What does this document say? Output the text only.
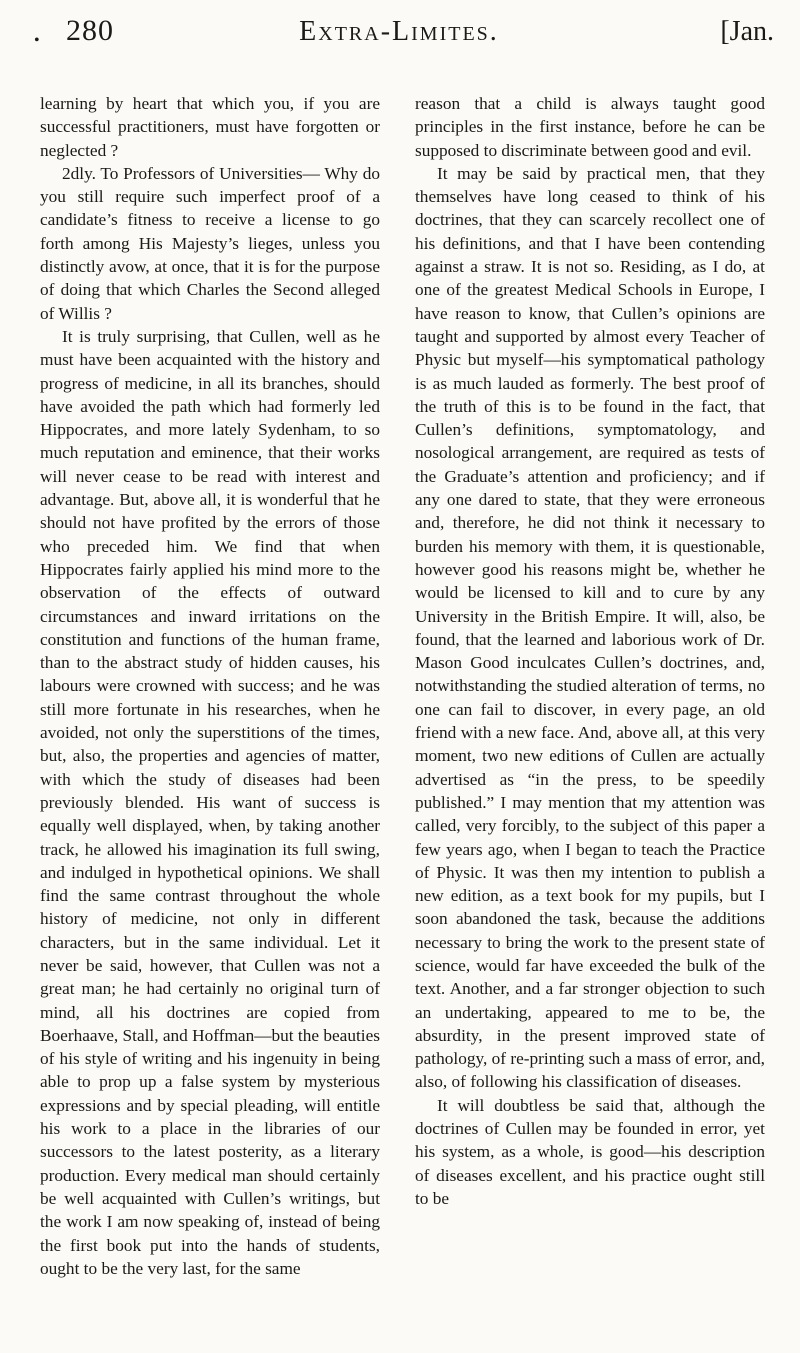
• 280	Extra-Limites.	[Jan.

learning by heart that which you, if you are successful practitioners, must have forgotten or neglected ?

2dly. To Professors of Universities— Why do you still require such imperfect proof of a candidate’s fitness to receive a license to go forth among His Majesty’s lieges, unless you distinctly avow, at once, that it is for the purpose of doing that which Charles the Second alleged of Willis ?

It is truly surprising, that Cullen, well as he must have been acquainted with the history and progress of medicine, in all its branches, should have avoided the path which had formerly led Hippocrates, and more lately Sydenham, to so much reputation and eminence, that their works will never cease to be read with interest and advantage. But, above all, it is wonderful that he should not have profited by the errors of those who preceded him. We find that when Hippocrates fairly applied his mind more to the observation of the effects of outward circumstances and inward irritations on the constitution and functions of the human frame, than to the abstract study of hidden causes, his labours were crowned with success; and he was still more fortunate in his researches, when he avoided, not only the superstitions of the times, but, also, the properties and agencies of matter, with which the study of diseases had been previously blended. His want of success is equally well displayed, when, by taking another track, he allowed his imagination its full swing, and indulged in hypothetical opinions. We shall find the same contrast throughout the whole history of medicine, not only in different characters, but in the same individual. Let it never be said, however, that Cullen was not a great man; he had certainly no original turn of mind, all his doctrines are copied from Boerhaave, Stall, and Hoffman—but the beauties of his style of writing and his ingenuity in being able to prop up a false system by mysterious expressions and by special pleading, will entitle his work to a place in the libraries of our successors to the latest posterity, as a literary production. Every medical man should certainly be well acquainted with Cullen’s writings, but the work I am now speaking of, instead of being the first book put into the hands of students, ought to be the very last, for the same

reason that a child is always taught good principles in the first instance, before he can be supposed to discriminate between good and evil.

It may be said by practical men, that they themselves have long ceased to think of his doctrines, that they can scarcely recollect one of his definitions, and that I have been contending against a straw. It is not so. Residing, as I do, at one of the greatest Medical Schools in Europe, I have reason to know, that Cullen’s opinions are taught and supported by almost every Teacher of Physic but myself—his symptomatical pathology is as much lauded as formerly. The best proof of the truth of this is to be found in the fact, that Cullen’s definitions, symptomatology, and nosological arrangement, are required as tests of the Graduate’s attention and proficiency; and if any one dared to state, that they were erroneous and, therefore, he did not think it necessary to burden his memory with them, it is questionable, however good his reasons might be, whether he would be licensed to kill and to cure by any University in the British Empire. It will, also, be found, that the learned and laborious work of Dr. Mason Good inculcates Cullen’s doctrines, and, notwithstanding the studied alteration of terms, no one can fail to discover, in every page, an old friend with a new face. And, above all, at this very moment, two new editions of Cullen are actually advertised as “in the press, to be speedily published.” I may mention that my attention was called, very forcibly, to the subject of this paper a few years ago, when I began to teach the Practice of Physic. It was then my intention to publish a new edition, as a text book for my pupils, but I soon abandoned the task, because the additions necessary to bring the work to the present state of science, would far have exceeded the bulk of the text. Another, and a far stronger objection to such an undertaking, appeared to me to be, the absurdity, in the present improved state of pathology, of re-printing such a mass of error, and, also, of following his classification of diseases.

It will doubtless be said that, although the doctrines of Cullen may be founded in error, yet his system, as a whole, is good—his description of diseases excellent, and his practice ought still to be
